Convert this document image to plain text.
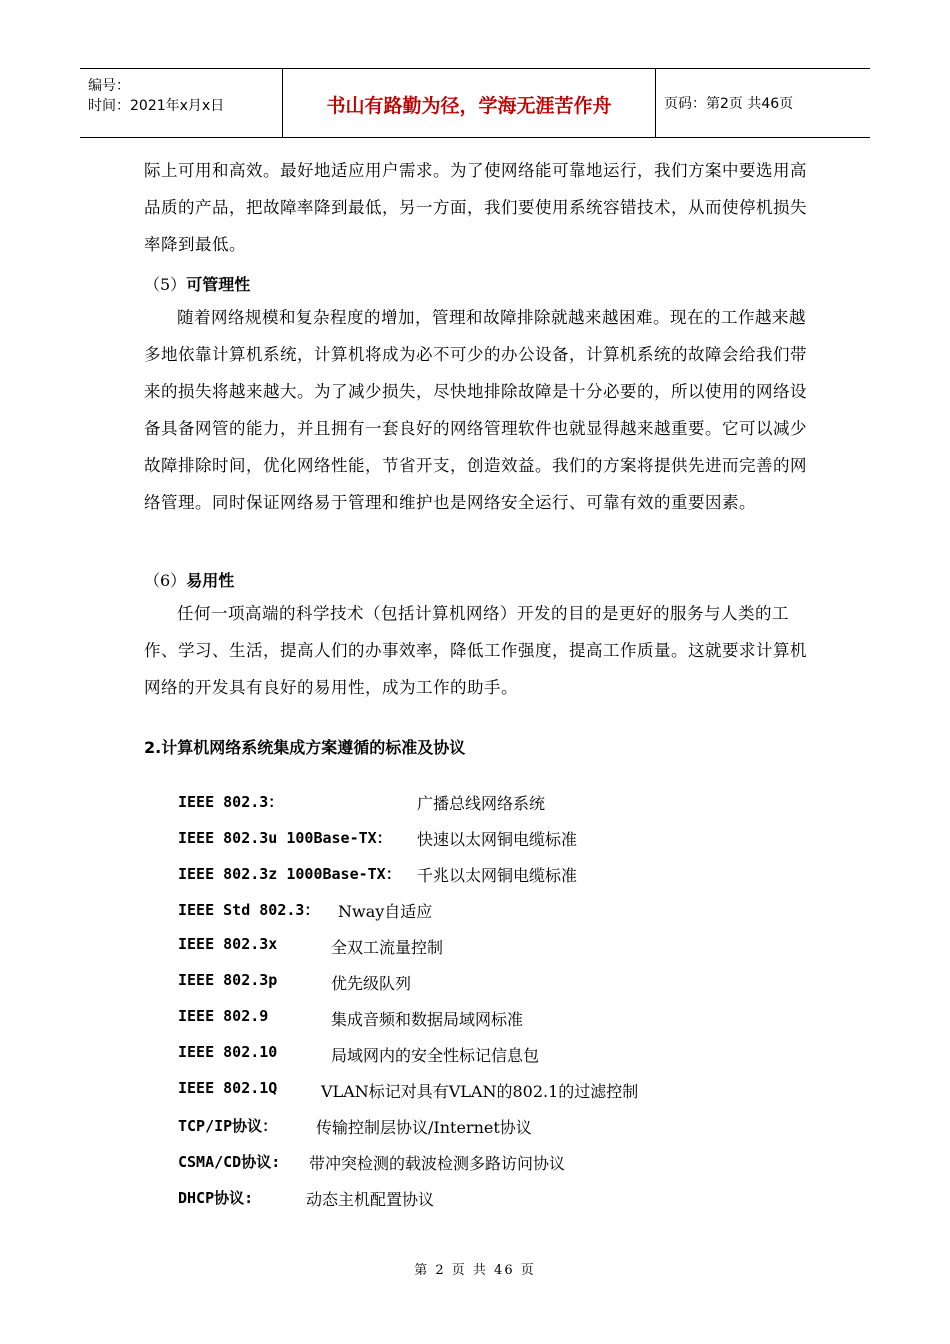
编号：
时间：2021年x月x日	书山有路勤为径，学海无涯苦作舟	页码：第2页 共46页

际上可用和高效。最好地适应用户需求。为了使网络能可靠地运行，我们方案中要选用高品质的产品，把故障率降到最低，另一方面，我们要使用系统容错技术，从而使停机损失率降到最低。

（5）可管理性

随着网络规模和复杂程度的增加，管理和故障排除就越来越困难。现在的工作越来越多地依靠计算机系统，计算机将成为必不可少的办公设备，计算机系统的故障会给我们带来的损失将越来越大。为了减少损失，尽快地排除故障是十分必要的，所以使用的网络设备具备网管的能力，并且拥有一套良好的网络管理软件也就显得越来越重要。它可以减少故障排除时间，优化网络性能，节省开支，创造效益。我们的方案将提供先进而完善的网络管理。同时保证网络易于管理和维护也是网络安全运行、可靠有效的重要因素。

（6）易用性

任何一项高端的科学技术（包括计算机网络）开发的目的是更好的服务与人类的工作、学习、生活，提高人们的办事效率，降低工作强度，提高工作质量。这就要求计算机网络的开发具有良好的易用性，成为工作的助手。

2.计算机网络系统集成方案遵循的标准及协议
IEEE 802.3：	广播总线网络系统
IEEE 802.3u 100Base-TX： 快速以太网铜电缆标准
IEEE 802.3z 1000Base-TX： 千兆以太网铜电缆标准
IEEE Std 802.3： Nway自适应
IEEE 802.3x	全双工流量控制
IEEE 802.3p	优先级队列
IEEE 802.9	集成音频和数据局域网标准
IEEE 802.10	局域网内的安全性标记信息包
IEEE 802.1Q	VLAN标记对具有VLAN的802.1的过滤控制
TCP/IP协议： 传输控制层协议/Internet协议
CSMA/CD协议: 带冲突检测的载波检测多路访问协议
DHCP协议:	动态主机配置协议
第 2 页 共 46 页
